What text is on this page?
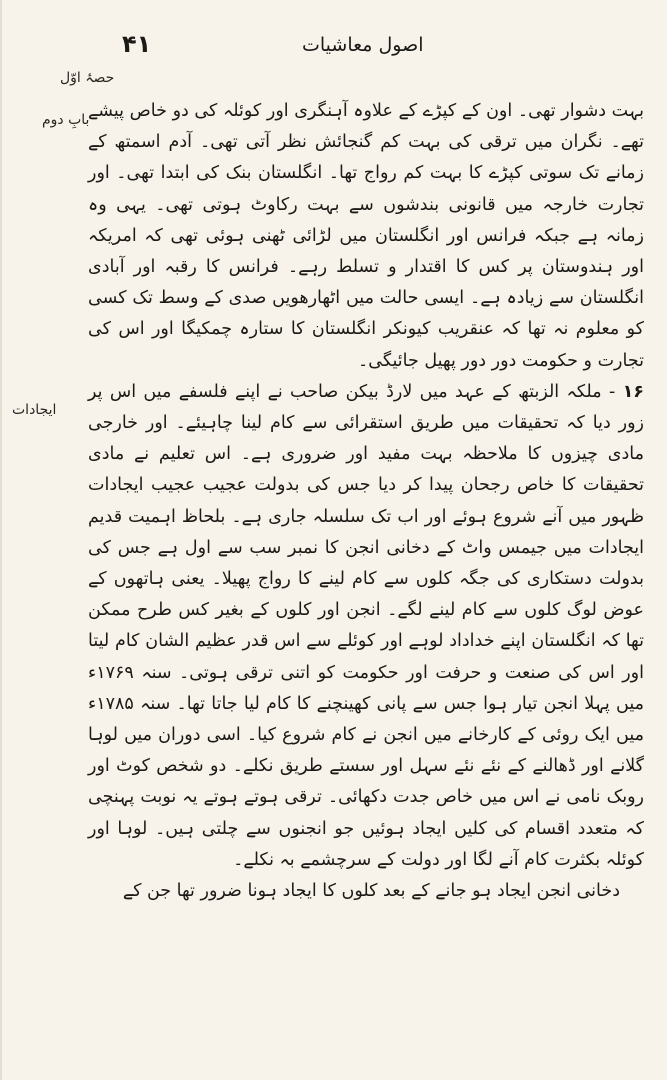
۴۱	اصول معاشیات
حصۂ اوّل
بابِ دوم
ایجادات

بہت دشوار تھی۔ اون کے کپڑے کے علاوہ آہنگری اور کوئلہ کی دو خاص پیشے تھے۔ نگران میں ترقی کی بہت کم گنجائش نظر آتی تھی۔ آدم اسمتھ کے زمانے تک سوتی کپڑے کا بہت کم رواج تھا۔ انگلستان بنک کی ابتدا تھی۔ اور تجارت خارجہ میں قانونی بندشوں سے بہت رکاوٹ ہوتی تھی۔ یہی وہ زمانہ ہے جبکہ فرانس اور انگلستان میں لڑائی ٹھنی ہوئی تھی کہ امریکہ اور ہندوستان پر کس کا اقتدار و تسلط رہے۔ فرانس کا رقبہ اور آبادی انگلستان سے زیادہ ہے۔ ایسی حالت میں اٹھارھویں صدی کے وسط تک کسی کو معلوم نہ تھا کہ عنقریب کیونکر انگلستان کا ستارہ چمکیگا اور اس کی تجارت و حکومت دور دور پھیل جائیگی۔

۱۶ - ملکہ الزبتھ کے عہد میں لارڈ بیکن صاحب نے اپنے فلسفے میں اس پر زور دیا کہ تحقیقات میں طریق استقرائی سے کام لینا چاہیئے۔ اور خارجی مادی چیزوں کا ملاحظہ بہت مفید اور ضروری ہے۔ اس تعلیم نے مادی تحقیقات کا خاص رجحان پیدا کر دیا جس کی بدولت عجیب عجیب ایجادات ظہور میں آنے شروع ہوئے اور اب تک سلسلہ جاری ہے۔ بلحاظ اہمیت قدیم ایجادات میں جیمس واٹ کے دخانی انجن کا نمبر سب سے اول ہے جس کی بدولت دستکاری کی جگہ کلوں سے کام لینے کا رواج پھیلا۔ یعنی ہاتھوں کے عوض لوگ کلوں سے کام لینے لگے۔ انجن اور کلوں کے بغیر کس طرح ممکن تھا کہ انگلستان اپنے خداداد لوہے اور کوئلے سے اس قدر عظیم الشان کام لیتا اور اس کی صنعت و حرفت اور حکومت کو اتنی ترقی ہوتی۔ سنہ ۱۷۶۹ء میں پہلا انجن تیار ہوا جس سے پانی کھینچنے کا کام لیا جاتا تھا۔ سنہ ۱۷۸۵ء میں ایک روئی کے کارخانے میں انجن نے کام شروع کیا۔ اسی دوران میں لوہا گلانے اور ڈھالنے کے نئے نئے سہل اور سستے طریق نکلے۔ دو شخص کوٹ اور روبک نامی نے اس میں خاص جدت دکھائی۔ ترقی ہوتے ہوتے یہ نوبت پہنچی کہ متعدد اقسام کی کلیں ایجاد ہوئیں جو انجنوں سے چلتی ہیں۔ لوہا اور کوئلہ بکثرت کام آنے لگا اور دولت کے سرچشمے بہ نکلے۔

دخانی انجن ایجاد ہو جانے کے بعد کلوں کا ایجاد ہونا ضرور تھا جن کے
